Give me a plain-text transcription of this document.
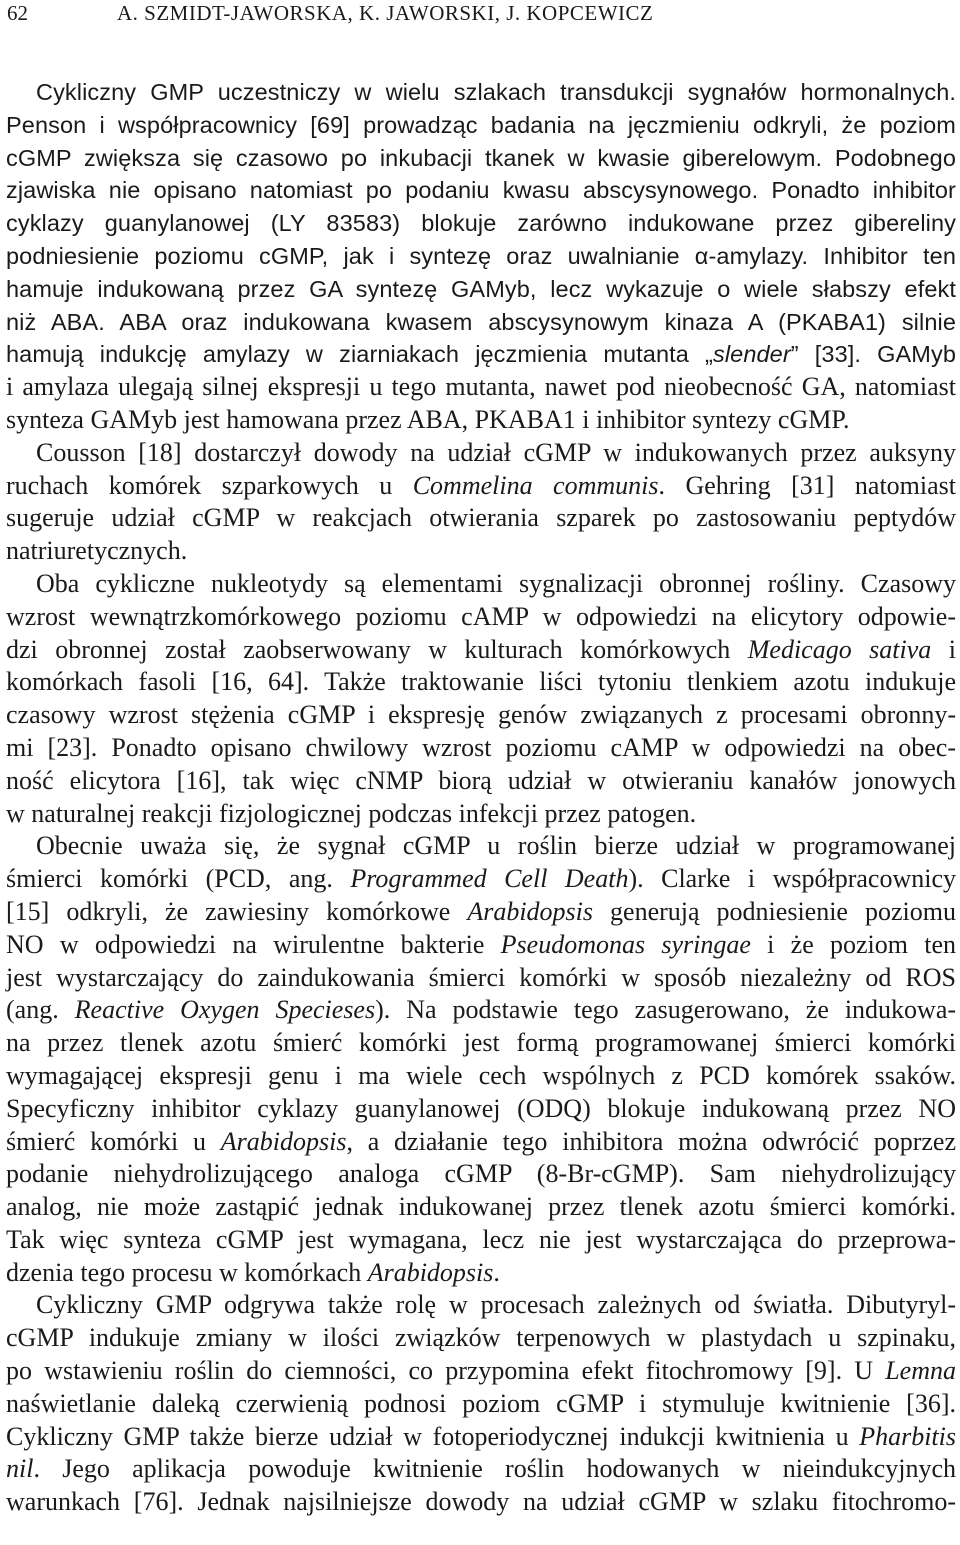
62	A. SZMIDT-JAWORSKA, K. JAWORSKI, J. KOPCEWICZ
Cykliczny GMP uczestniczy w wielu szlakach transdukcji sygnałów hormonalnych.
Penson i współpracownicy [69] prowadząc badania na jęczmieniu odkryli, że poziom
cGMP zwiększa się czasowo po inkubacji tkanek w kwasie giberelowym. Podobnego
zjawiska nie opisano natomiast po podaniu kwasu abscysynowego. Ponadto inhibitor
cyklazy guanylanowej (LY 83583) blokuje zarówno indukowane przez gibereliny
podniesienie poziomu cGMP, jak i syntezę oraz uwalnianie α-amylazy. Inhibitor ten
hamuje indukowaną przez GA syntezę GAMyb, lecz wykazuje o wiele słabszy efekt
niż ABA. ABA oraz indukowana kwasem abscysynowym kinaza A (PKABA1) silnie
hamują indukcję amylazy w ziarniakach jęczmienia mutanta „slender” [33]. GAMyb
i amylaza ulegają silnej ekspresji u tego mutanta, nawet pod nieobecność GA, natomiast
synteza GAMyb jest hamowana przez ABA, PKABA1 i inhibitor syntezy cGMP.
Cousson [18] dostarczył dowody na udział cGMP w indukowanych przez auksyny
ruchach komórek szparkowych u Commelina communis. Gehring [31] natomiast
sugeruje udział cGMP w reakcjach otwierania szparek po zastosowaniu peptydów
natriuretycznych.
Oba cykliczne nukleotydy są elementami sygnalizacji obronnej rośliny. Czasowy
wzrost wewnątrzkomórkowego poziomu cAMP w odpowiedzi na elicytory odpowie-
dzi obronnej został zaobserwowany w kulturach komórkowych Medicago sativa i
komórkach fasoli [16, 64]. Także traktowanie liści tytoniu tlenkiem azotu indukuje
czasowy wzrost stężenia cGMP i ekspresję genów związanych z procesami obronny-
mi [23]. Ponadto opisano chwilowy wzrost poziomu cAMP w odpowiedzi na obec-
ność elicytora [16], tak więc cNMP biorą udział w otwieraniu kanałów jonowych
w naturalnej reakcji fizjologicznej podczas infekcji przez patogen.
Obecnie uważa się, że sygnał cGMP u roślin bierze udział w programowanej
śmierci komórki (PCD, ang. Programmed Cell Death). Clarke i współpracownicy
[15] odkryli, że zawiesiny komórkowe Arabidopsis generują podniesienie poziomu
NO w odpowiedzi na wirulentne bakterie Pseudomonas syringae i że poziom ten
jest wystarczający do zaindukowania śmierci komórki w sposób niezależny od ROS
(ang. Reactive Oxygen Specieses). Na podstawie tego zasugerowano, że indukowa-
na przez tlenek azotu śmierć komórki jest formą programowanej śmierci komórki
wymagającej ekspresji genu i ma wiele cech wspólnych z PCD komórek ssaków.
Specyficzny inhibitor cyklazy guanylanowej (ODQ) blokuje indukowaną przez NO
śmierć komórki u Arabidopsis, a działanie tego inhibitora można odwrócić poprzez
podanie niehydrolizującego analoga cGMP (8-Br-cGMP). Sam niehydrolizujący
analog, nie może zastąpić jednak indukowanej przez tlenek azotu śmierci komórki.
Tak więc synteza cGMP jest wymagana, lecz nie jest wystarczająca do przeprowa-
dzenia tego procesu w komórkach Arabidopsis.
Cykliczny GMP odgrywa także rolę w procesach zależnych od światła. Dibutyryl-
cGMP indukuje zmiany w ilości związków terpenowych w plastydach u szpinaku,
po wstawieniu roślin do ciemności, co przypomina efekt fitochromowy [9]. U Lemna
naświetlanie daleką czerwienią podnosi poziom cGMP i stymuluje kwitnienie [36].
Cykliczny GMP także bierze udział w fotoperiodycznej indukcji kwitnienia u Pharbitis
nil. Jego aplikacja powoduje kwitnienie roślin hodowanych w nieindukcyjnych
warunkach [76]. Jednak najsilniejsze dowody na udział cGMP w szlaku fitochromo-
